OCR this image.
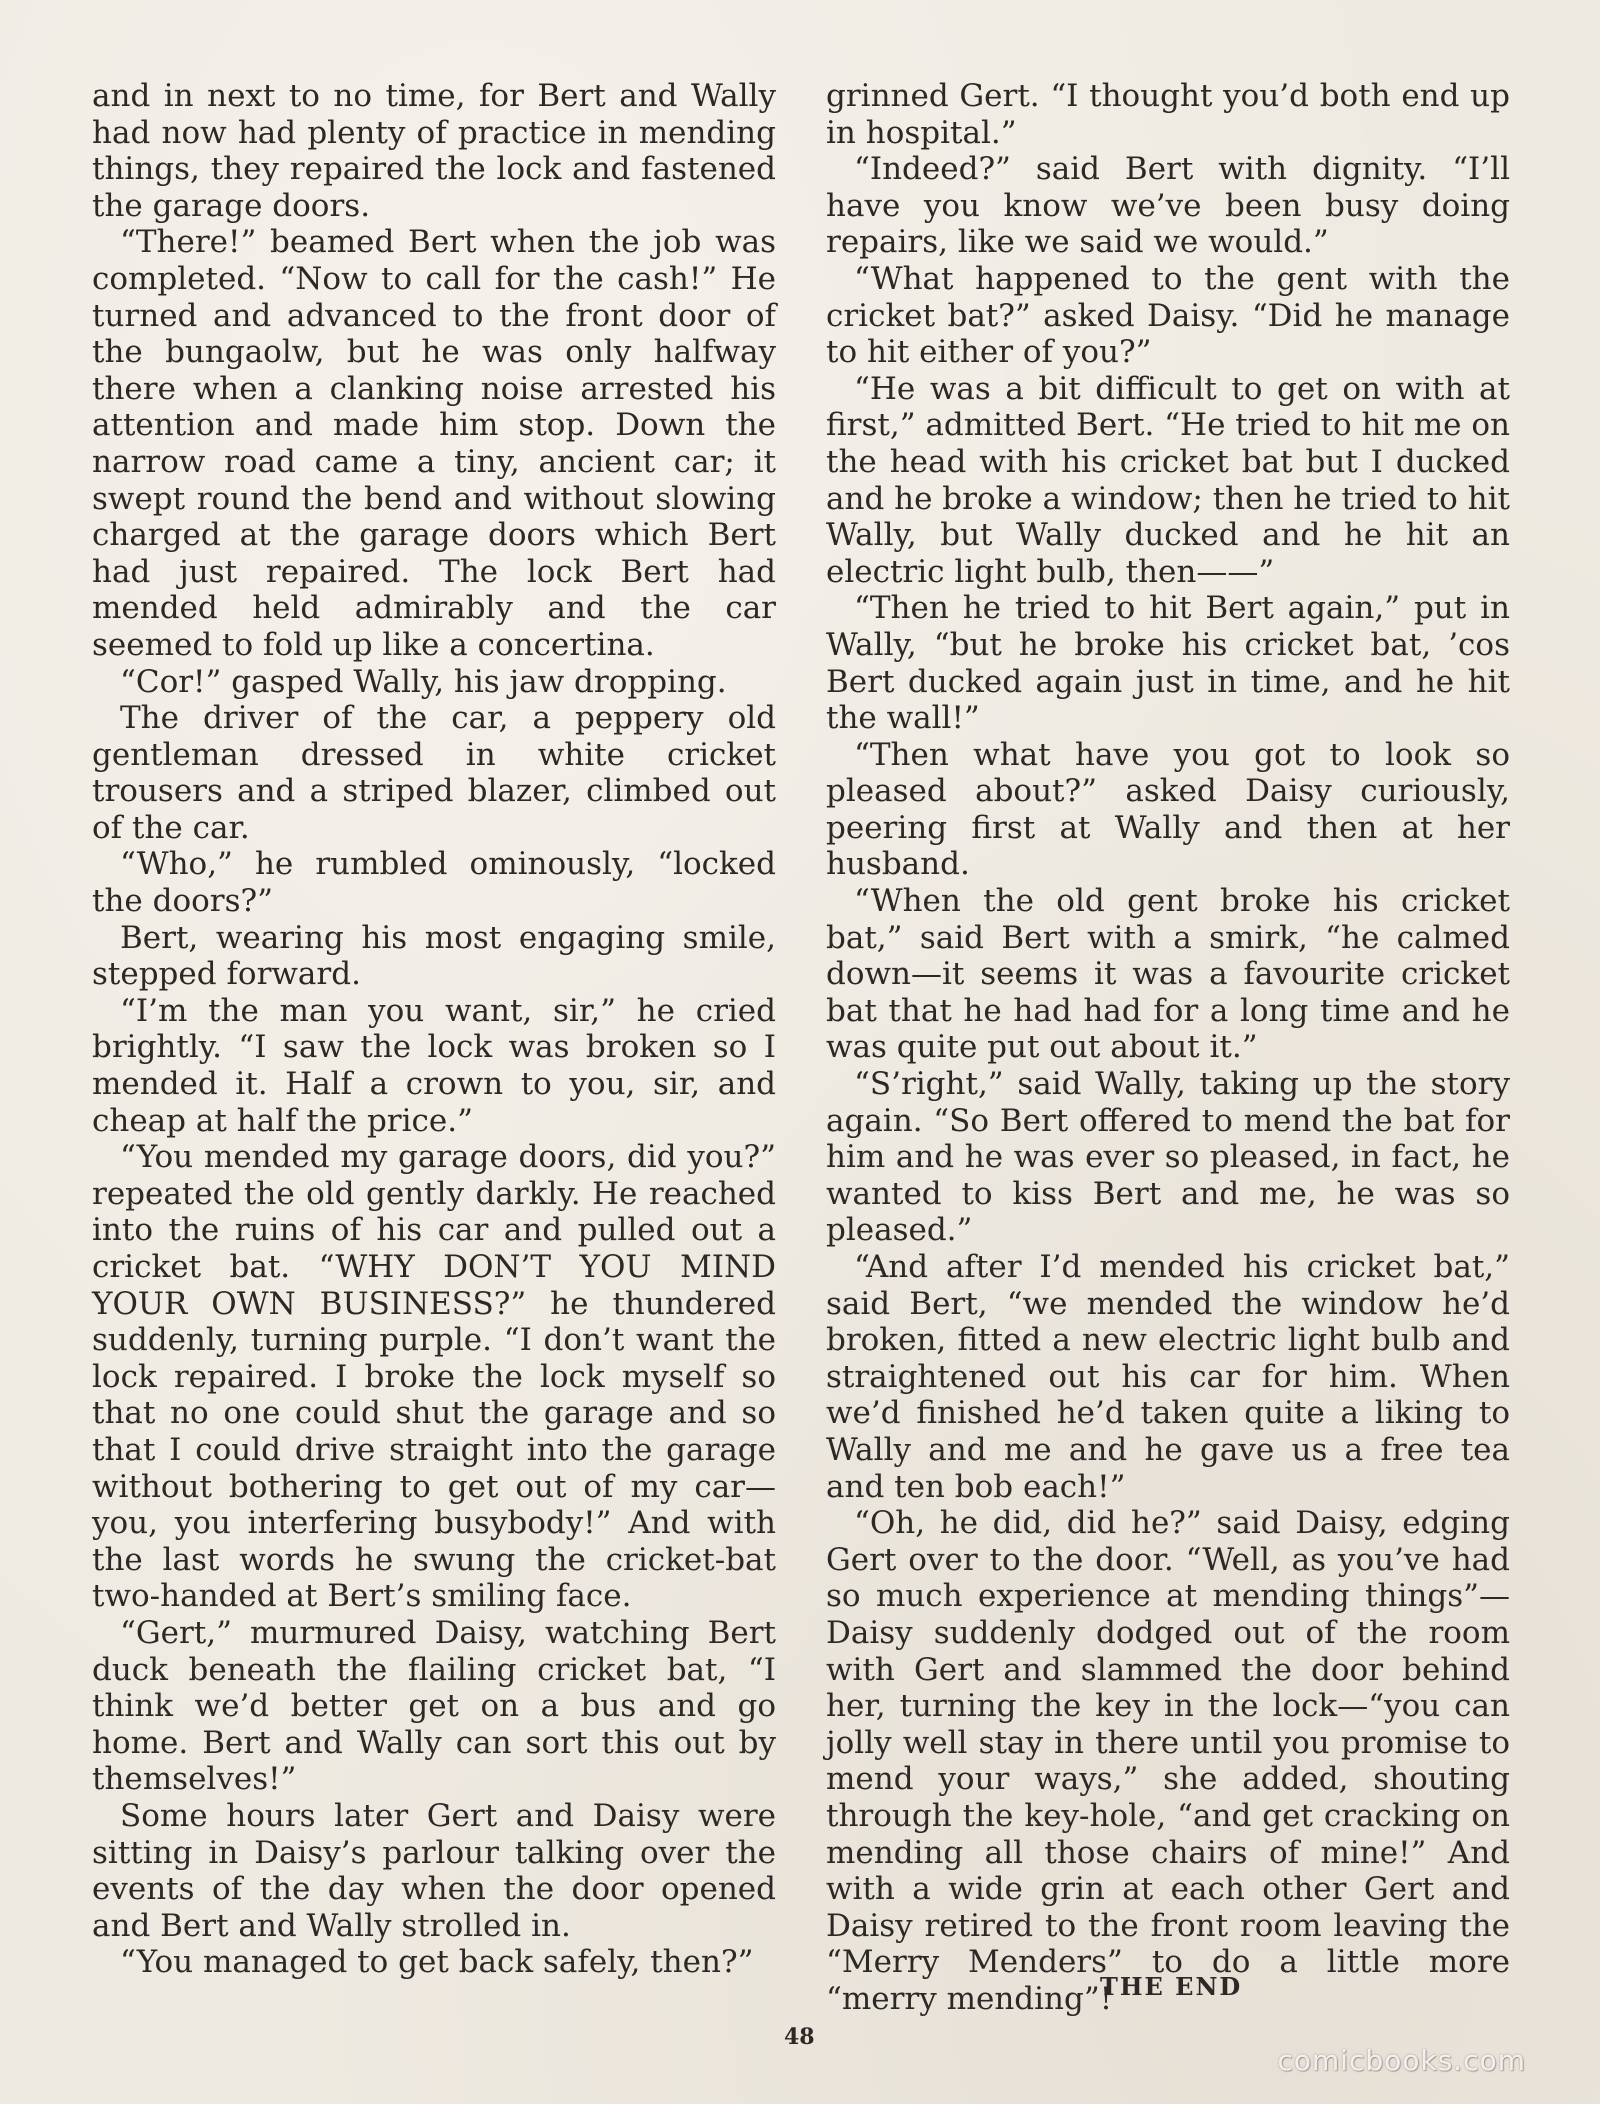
and in next to no time, for Bert and Wally had now had plenty of practice in mending things, they repaired the lock and fastened the garage doors.

“There!” beamed Bert when the job was completed. “Now to call for the cash!” He turned and advanced to the front door of the bungaolw, but he was only halfway there when a clanking noise arrested his attention and made him stop. Down the narrow road came a tiny, ancient car; it swept round the bend and without slowing charged at the garage doors which Bert had just repaired. The lock Bert had mended held admirably and the car seemed to fold up like a concertina.

“Cor!” gasped Wally, his jaw dropping.

The driver of the car, a peppery old gentleman dressed in white cricket trousers and a striped blazer, climbed out of the car.

“Who,” he rumbled ominously, “locked the doors?”

Bert, wearing his most engaging smile, stepped forward.

“I’m the man you want, sir,” he cried brightly. “I saw the lock was broken so I mended it. Half a crown to you, sir, and cheap at half the price.”

“You mended my garage doors, did you?” repeated the old gently darkly. He reached into the ruins of his car and pulled out a cricket bat. “WHY DON’T YOU MIND YOUR OWN BUSINESS?” he thundered suddenly, turning purple. “I don’t want the lock repaired. I broke the lock myself so that no one could shut the garage and so that I could drive straight into the garage without bothering to get out of my car—you, you interfering busybody!” And with the last words he swung the cricket-bat two-handed at Bert’s smiling face.

“Gert,” murmured Daisy, watching Bert duck beneath the flailing cricket bat, “I think we’d better get on a bus and go home. Bert and Wally can sort this out by themselves!”

Some hours later Gert and Daisy were sitting in Daisy’s parlour talking over the events of the day when the door opened and Bert and Wally strolled in.

“You managed to get back safely, then?”

grinned Gert. “I thought you’d both end up in hospital.”

“Indeed?” said Bert with dignity. “I’ll have you know we’ve been busy doing repairs, like we said we would.”

“What happened to the gent with the cricket bat?” asked Daisy. “Did he manage to hit either of you?”

“He was a bit difficult to get on with at first,” admitted Bert. “He tried to hit me on the head with his cricket bat but I ducked and he broke a window; then he tried to hit Wally, but Wally ducked and he hit an electric light bulb, then——”

“Then he tried to hit Bert again,” put in Wally, “but he broke his cricket bat, ’cos Bert ducked again just in time, and he hit the wall!”

“Then what have you got to look so pleased about?” asked Daisy curiously, peering first at Wally and then at her husband.

“When the old gent broke his cricket bat,” said Bert with a smirk, “he calmed down—it seems it was a favourite cricket bat that he had had for a long time and he was quite put out about it.”

“S’right,” said Wally, taking up the story again. “So Bert offered to mend the bat for him and he was ever so pleased, in fact, he wanted to kiss Bert and me, he was so pleased.”

“And after I’d mended his cricket bat,” said Bert, “we mended the window he’d broken, fitted a new electric light bulb and straightened out his car for him. When we’d finished he’d taken quite a liking to Wally and me and he gave us a free tea and ten bob each!”

“Oh, he did, did he?” said Daisy, edging Gert over to the door. “Well, as you’ve had so much experience at mending things”—Daisy suddenly dodged out of the room with Gert and slammed the door behind her, turning the key in the lock—“you can jolly well stay in there until you promise to mend your ways,” she added, shouting through the key-hole, “and get cracking on mending all those chairs of mine!” And with a wide grin at each other Gert and Daisy retired to the front room leaving the “Merry Menders” to do a little more “merry mending”!

THE END
48
comicbooks.com
